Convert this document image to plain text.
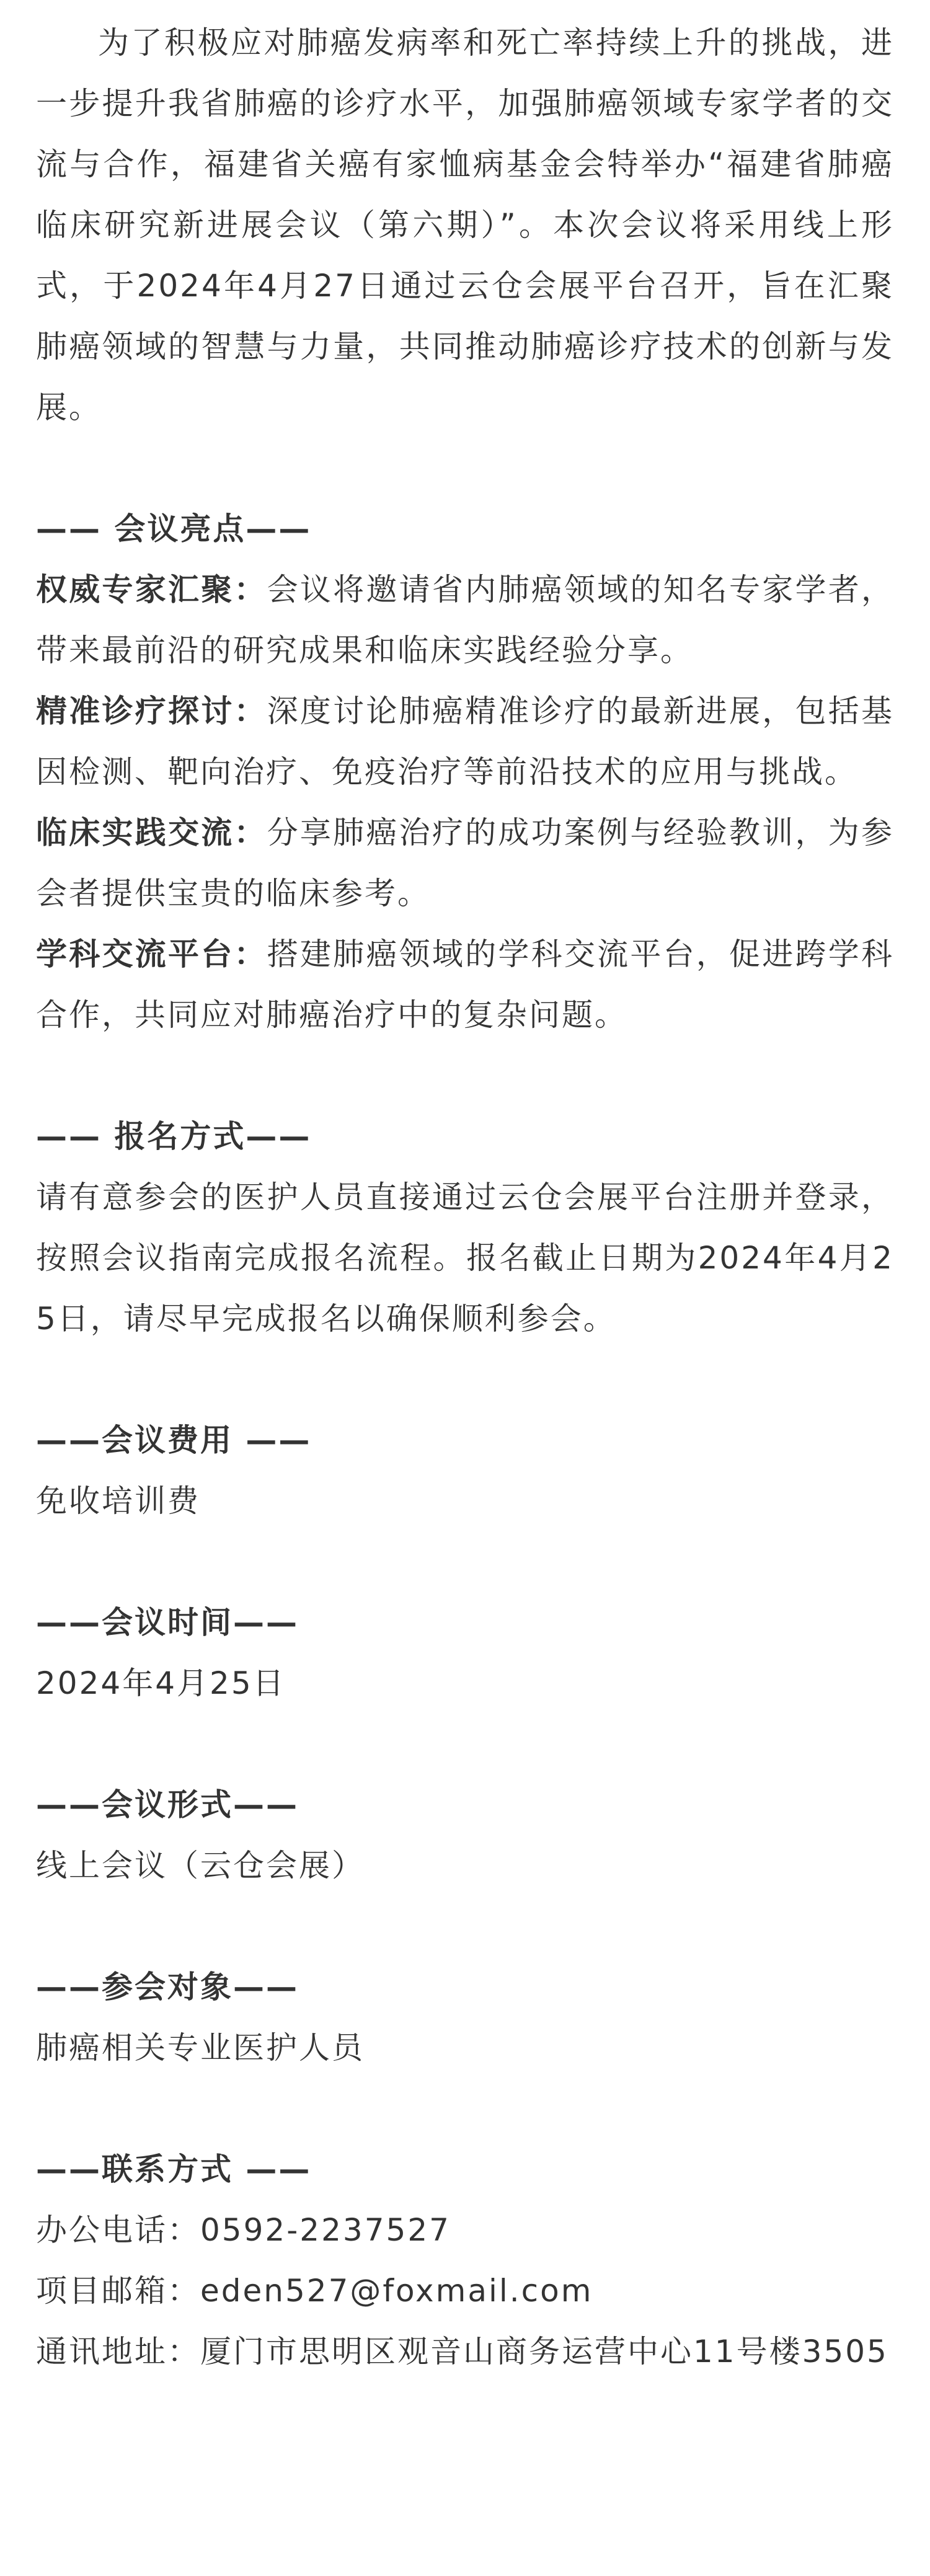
为了积极应对肺癌发病率和死亡率持续上升的挑战，进一步提升我省肺癌的诊疗水平，加强肺癌领域专家学者的交流与合作，福建省关癌有家恤病基金会特举办“福建省肺癌临床研究新进展会议（第六期）”。本次会议将采用线上形式，于2024年4月27日通过云仓会展平台召开，旨在汇聚肺癌领域的智慧与力量，共同推动肺癌诊疗技术的创新与发展。

—— 会议亮点——

权威专家汇聚：会议将邀请省内肺癌领域的知名专家学者，带来最前沿的研究成果和临床实践经验分享。

精准诊疗探讨：深度讨论肺癌精准诊疗的最新进展，包括基因检测、靶向治疗、免疫治疗等前沿技术的应用与挑战。

临床实践交流：分享肺癌治疗的成功案例与经验教训，为参会者提供宝贵的临床参考。

学科交流平台：搭建肺癌领域的学科交流平台，促进跨学科合作，共同应对肺癌治疗中的复杂问题。

—— 报名方式——

请有意参会的医护人员直接通过云仓会展平台注册并登录，按照会议指南完成报名流程。报名截止日期为2024年4月25日，请尽早完成报名以确保顺利参会。

——会议费用 ——

免收培训费

——会议时间——

2024年4月25日

——会议形式——

线上会议（云仓会展）

——参会对象——

肺癌相关专业医护人员

——联系方式 ——

办公电话：0592-2237527

项目邮箱：eden527@foxmail.com

通讯地址：厦门市思明区观音山商务运营中心11号楼3505
